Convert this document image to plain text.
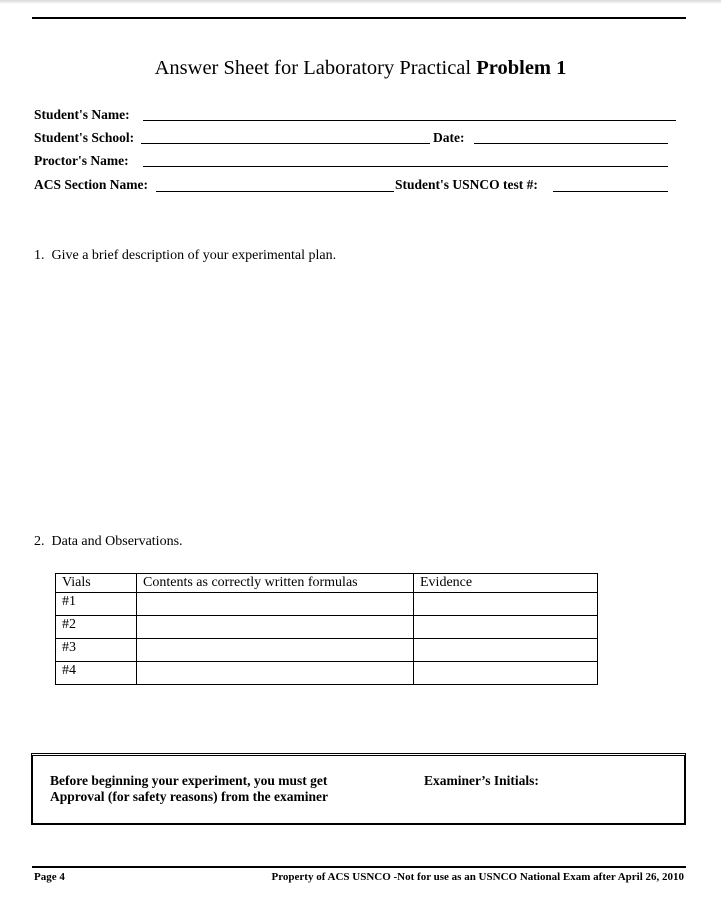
Answer Sheet for Laboratory Practical Problem 1
Student's Name:
Student's School:	Date:
Proctor's Name:
ACS Section Name:	Student's USNCO test #:
1. Give a brief description of your experimental plan.
2. Data and Observations.
Vials	Contents as correctly written formulas	Evidence
#1		
#2		
#3		
#4		
Before beginning your experiment, you must get
Approval (for safety reasons) from the examiner
Examiner’s Initials:
Page 4	Property of ACS USNCO -Not for use as an USNCO National Exam after April 26, 2010
